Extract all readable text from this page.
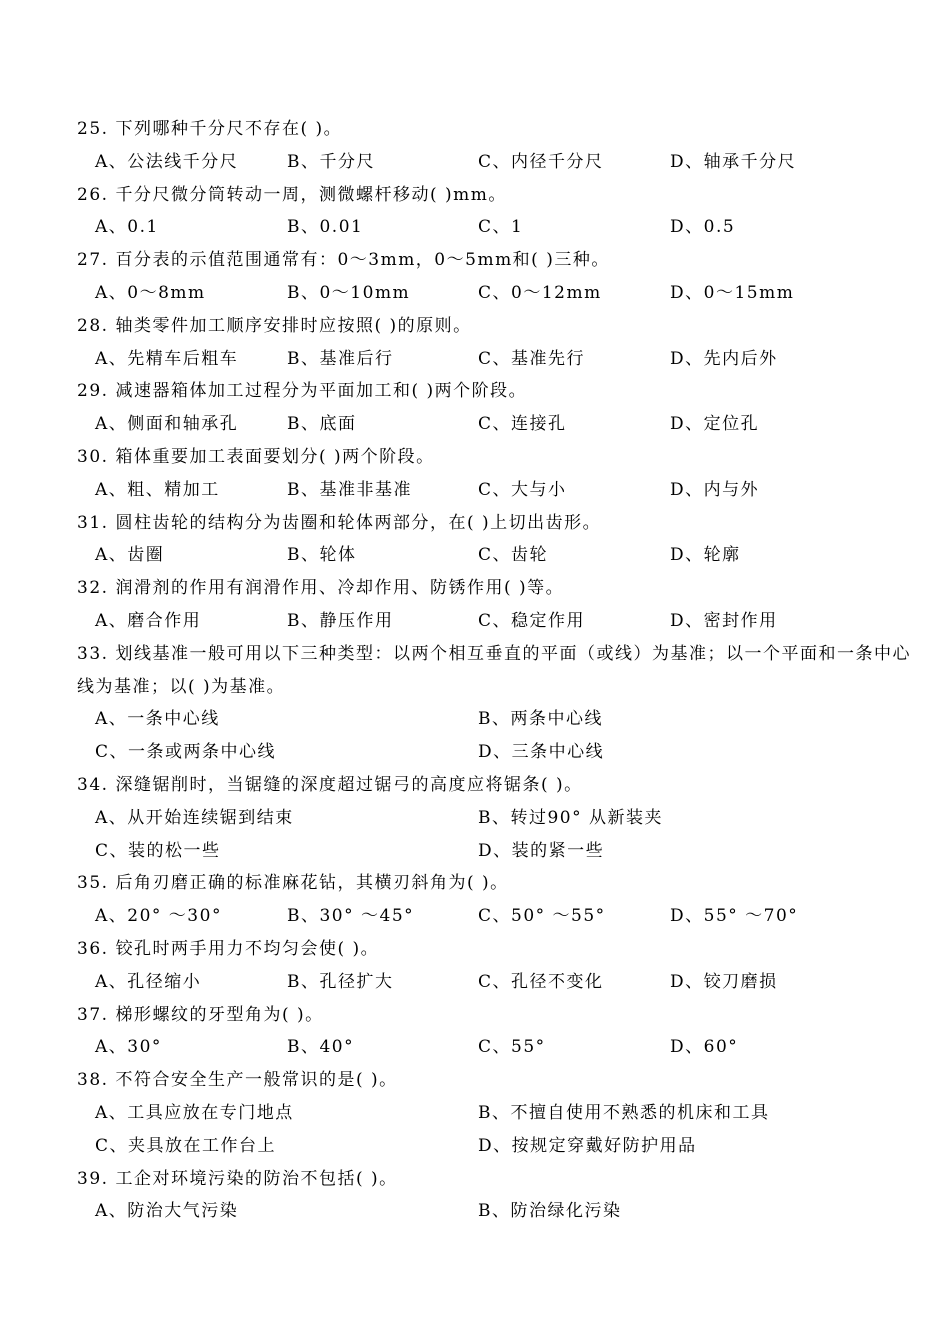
25. 下列哪种千分尺不存在( )。
A、公法线千分尺	B、千分尺	C、内径千分尺	D、轴承千分尺
26. 千分尺微分筒转动一周，测微螺杆移动( )mm。
A、0.1	B、0.01	C、1	D、0.5
27. 百分表的示值范围通常有：0～3mm，0～5mm和( )三种。
A、0～8mm	B、0～10mm	C、0～12mm	D、0～15mm
28. 轴类零件加工顺序安排时应按照( )的原则。
A、先精车后粗车	B、基准后行	C、基准先行	D、先内后外
29. 减速器箱体加工过程分为平面加工和( )两个阶段。
A、侧面和轴承孔	B、底面	C、连接孔	D、定位孔
30. 箱体重要加工表面要划分( )两个阶段。
A、粗、精加工	B、基准非基准	C、大与小	D、内与外
31. 圆柱齿轮的结构分为齿圈和轮体两部分，在( )上切出齿形。
A、齿圈	B、轮体	C、齿轮	D、轮廓
32. 润滑剂的作用有润滑作用、冷却作用、防锈作用( )等。
A、磨合作用	B、静压作用	C、稳定作用	D、密封作用
33. 划线基准一般可用以下三种类型：以两个相互垂直的平面（或线）为基准；以一个平面和一条中心线为基准；以( )为基准。
A、一条中心线	B、两条中心线
C、一条或两条中心线	D、三条中心线
34. 深缝锯削时，当锯缝的深度超过锯弓的高度应将锯条( )。
A、从开始连续锯到结束	B、转过90° 从新装夹
C、装的松一些	D、装的紧一些
35. 后角刃磨正确的标准麻花钻，其横刃斜角为( )。
A、20° ～30°	B、30° ～45°	C、50° ～55°	D、55° ～70°
36. 铰孔时两手用力不均匀会使( )。
A、孔径缩小	B、孔径扩大	C、孔径不变化	D、铰刀磨损
37. 梯形螺纹的牙型角为( )。
A、30°	B、40°	C、55°	D、60°
38. 不符合安全生产一般常识的是( )。
A、工具应放在专门地点	B、不擅自使用不熟悉的机床和工具
C、夹具放在工作台上	D、按规定穿戴好防护用品
39. 工企对环境污染的防治不包括( )。
A、防治大气污染	B、防治绿化污染
